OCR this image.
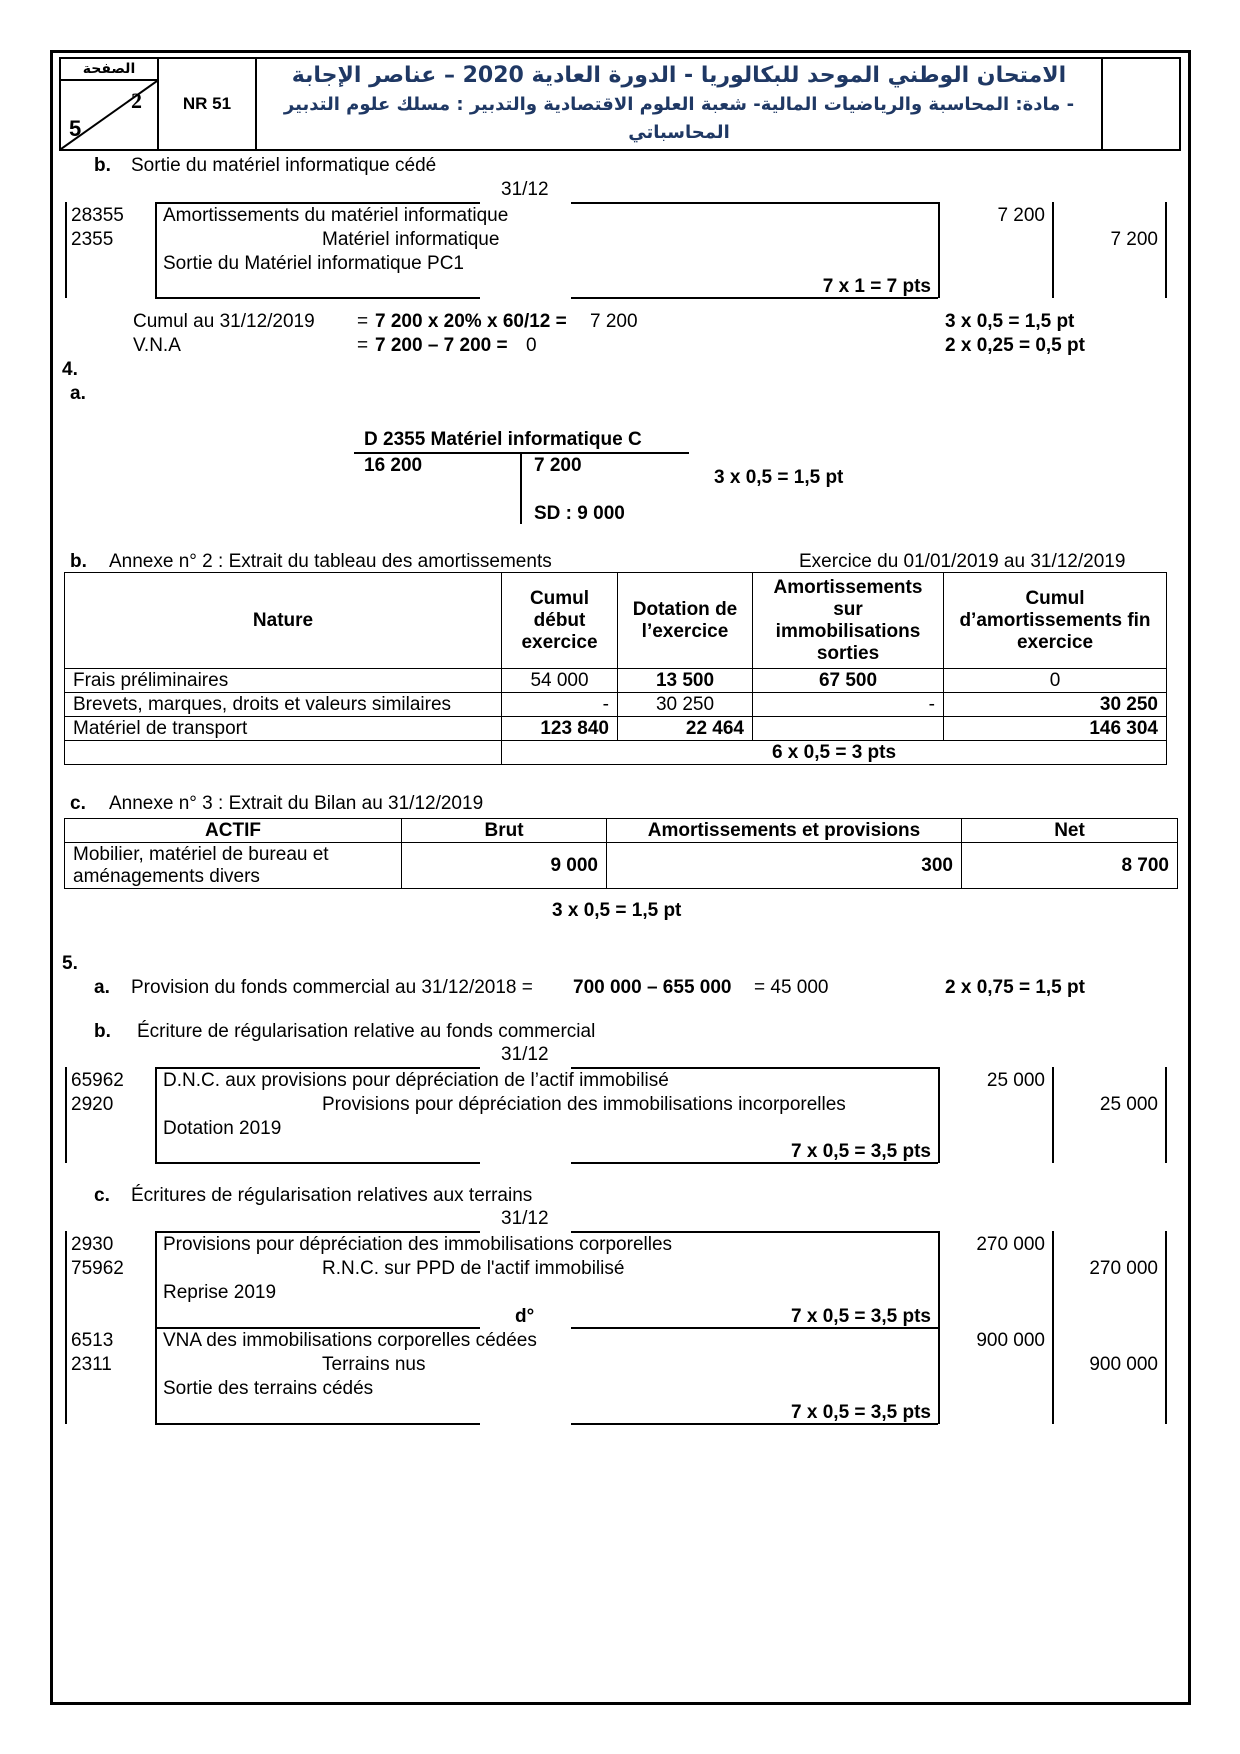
الصفحة
2
5
	NR 51	
الامتحان الوطني الموحد للبكالوريا - الدورة العادية 2020 – عناصر الإجابة
- مادة: المحاسبة والرياضيات المالية- شعبة العلوم الاقتصادية والتدبير : مسلك علوم التدبير المحاسباتي

b. Sortie du matériel informatique cédé
31/12
28355 Amortissements du matériel informatique	7 200
2355	Matériel informatique	7 200
Sortie du Matériel informatique PC1
7 x 1 = 7 pts
Cumul au 31/12/2019 = 7 200 x 20% x 60/12 = 7 200	3 x 0,5 = 1,5 pt
V.N.A	= 7 200 – 7 200 = 0	2 x 0,25 = 0,5 pt
4.
a.
D 2355 Matériel informatique C
16 200	7 200
SD : 9 000
3 x 0,5 = 1,5 pt
b. Annexe n° 2 : Extrait du tableau des amortissements	Exercice du 01/01/2019 au 31/12/2019
Nature	Cumul début exercice	Dotation de l’exercice	Amortissements sur immobilisations sorties	Cumul d’amortissements fin exercice
Frais préliminaires	54 000	13 500	67 500	0
Brevets, marques, droits et valeurs similaires	-	30 250	-	30 250
Matériel de transport	123 840	22 464		146 304
	6 x 0,5 = 3 pts			
c. Annexe n° 3 : Extrait du Bilan au 31/12/2019
ACTIF	Brut	Amortissements et provisions	Net
Mobilier, matériel de bureau et aménagements divers	9 000	300	8 700
3 x 0,5 = 1,5 pt
5.
a. Provision du fonds commercial au 31/12/2018 = 700 000 – 655 000 = 45 000	2 x 0,75 = 1,5 pt
b. Écriture de régularisation relative au fonds commercial
31/12
65962 D.N.C. aux provisions pour dépréciation de l’actif immobilisé	25 000
2920	Provisions pour dépréciation des immobilisations incorporelles	25 000
Dotation 2019
7 x 0,5 = 3,5 pts
c. Écritures de régularisation relatives aux terrains
31/12
2930	Provisions pour dépréciation des immobilisations corporelles	270 000
75962	R.N.C. sur PPD de l'actif immobilisé	270 000
Reprise 2019
d°	7 x 0,5 = 3,5 pts
6513	VNA des immobilisations corporelles cédées	900 000
2311	Terrains nus	900 000
Sortie des terrains cédés
7 x 0,5 = 3,5 pts
